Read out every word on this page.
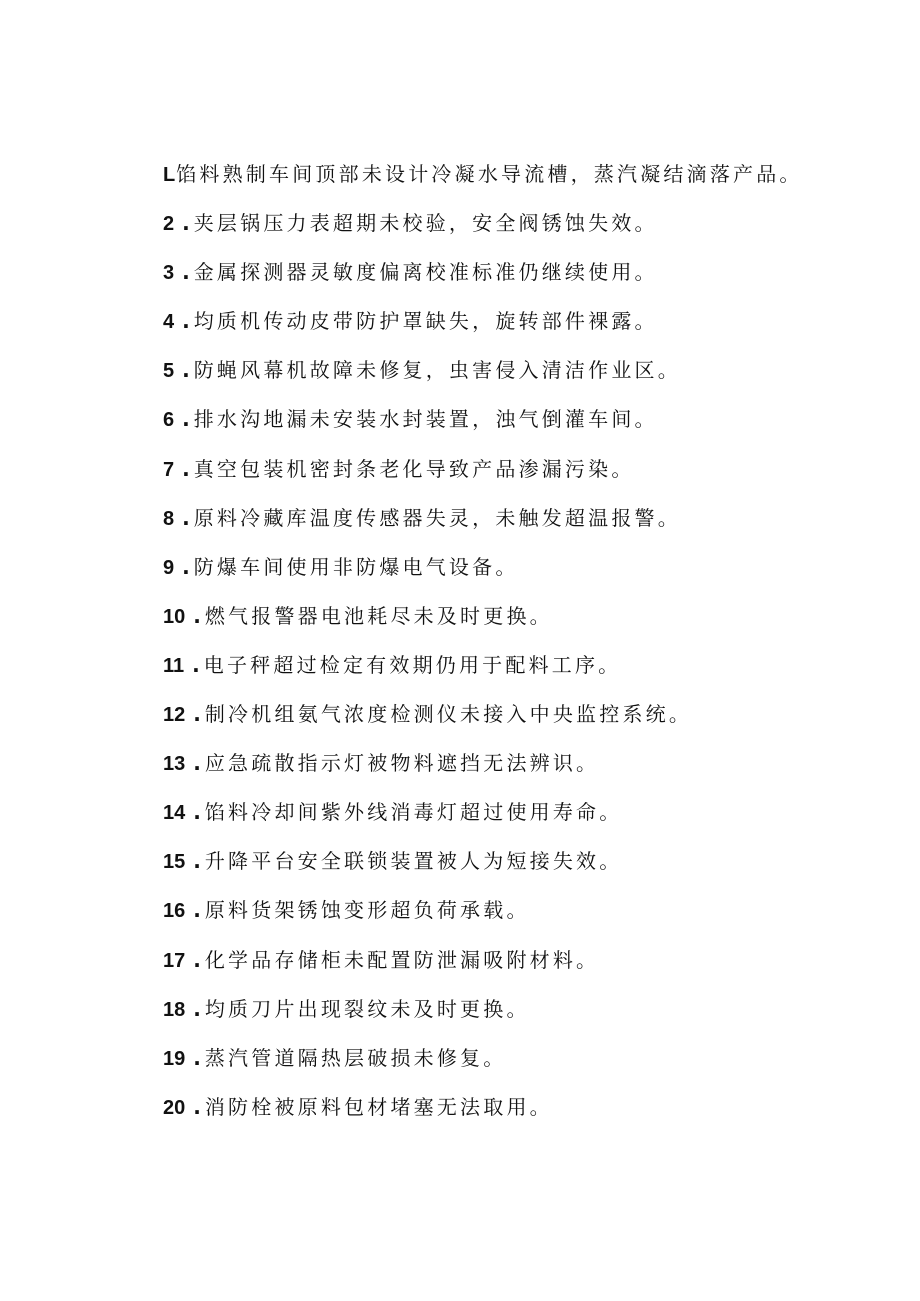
L馅料熟制车间顶部未设计冷凝水导流槽，蒸汽凝结滴落产品。
2 . 夹层锅压力表超期未校验，安全阀锈蚀失效。
3 . 金属探测器灵敏度偏离校准标准仍继续使用。
4 . 均质机传动皮带防护罩缺失，旋转部件裸露。
5 . 防蝇风幕机故障未修复，虫害侵入清洁作业区。
6 . 排水沟地漏未安装水封装置，浊气倒灌车间。
7 . 真空包装机密封条老化导致产品渗漏污染。
8 . 原料冷藏库温度传感器失灵，未触发超温报警。
9 . 防爆车间使用非防爆电气设备。
10 . 燃气报警器电池耗尽未及时更换。
11 . 电子秤超过检定有效期仍用于配料工序。
12 . 制冷机组氨气浓度检测仪未接入中央监控系统。
13 . 应急疏散指示灯被物料遮挡无法辨识。
14 . 馅料冷却间紫外线消毒灯超过使用寿命。
15 . 升降平台安全联锁装置被人为短接失效。
16 . 原料货架锈蚀变形超负荷承载。
17 . 化学品存储柜未配置防泄漏吸附材料。
18 . 均质刀片出现裂纹未及时更换。
19 . 蒸汽管道隔热层破损未修复。
20 . 消防栓被原料包材堵塞无法取用。
